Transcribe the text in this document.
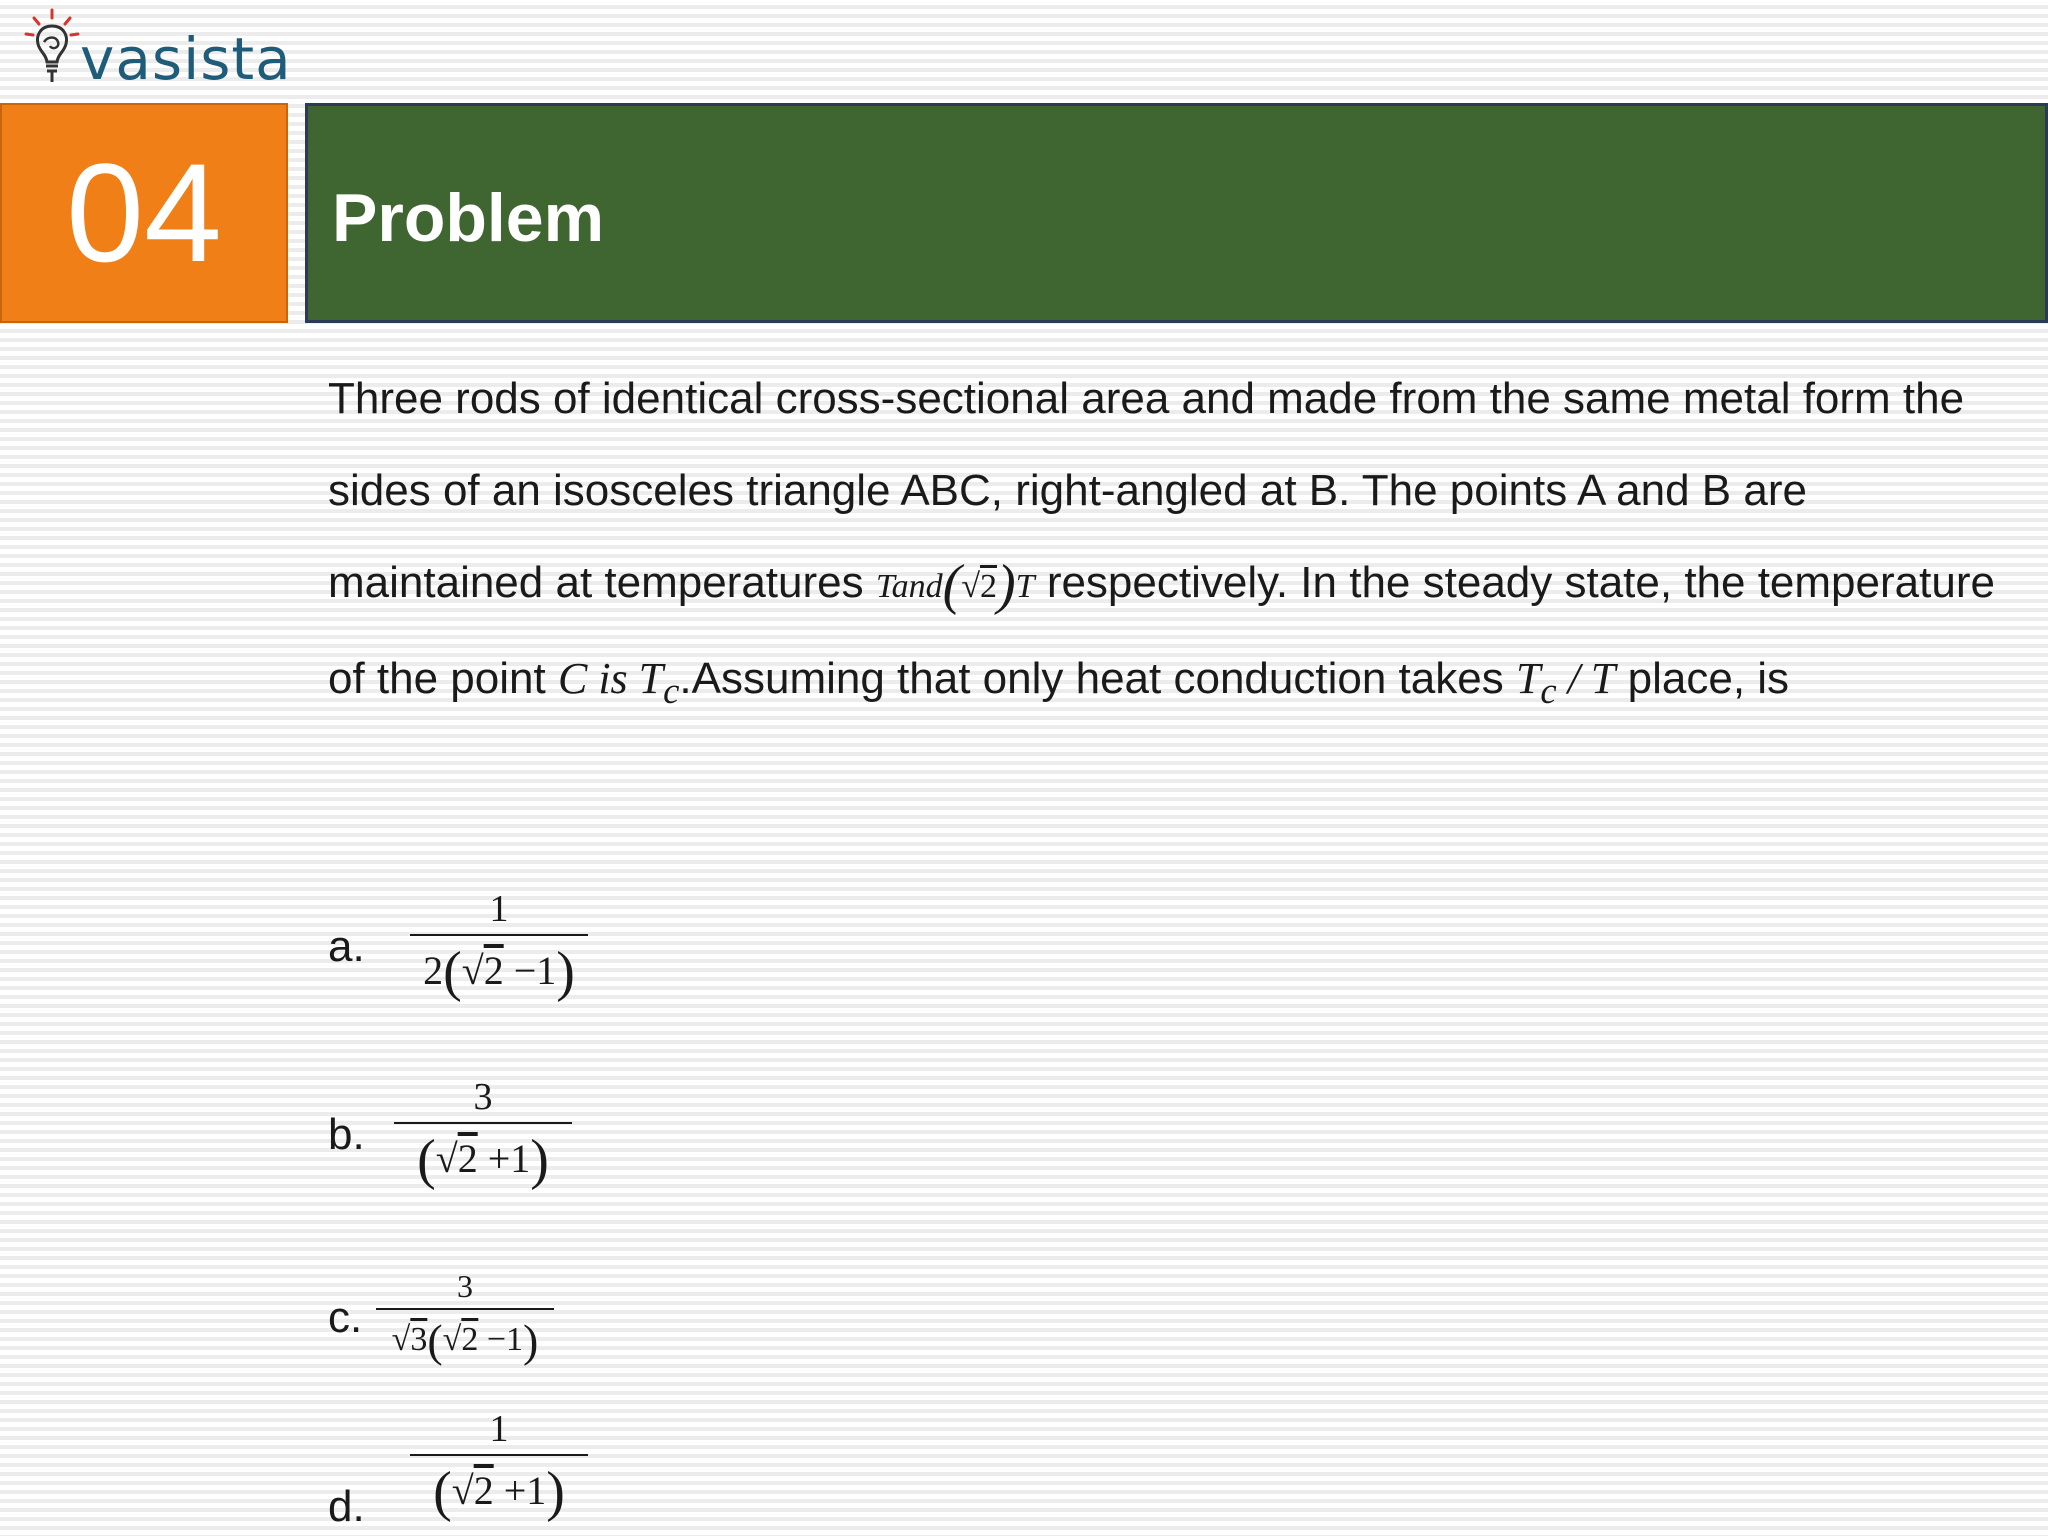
vasista
04 Problem
Three rods of identical cross-sectional area and made from the same metal form the sides of an isosceles triangle ABC, right-angled at B. The points A and B are maintained at temperatures Tand(√2)T respectively. In the steady state, the temperature of the point C is $T_c.Assuming$ that only heat conduction takes $T_c$ / T place, is
a.	$\frac{1}{2(√2 -1)}$
b. $\frac{3}{(√2 +1)}$
c. $\frac{3}{√3(√2 -1)}$
d.	$\frac{1}{(√2 +1)}$
